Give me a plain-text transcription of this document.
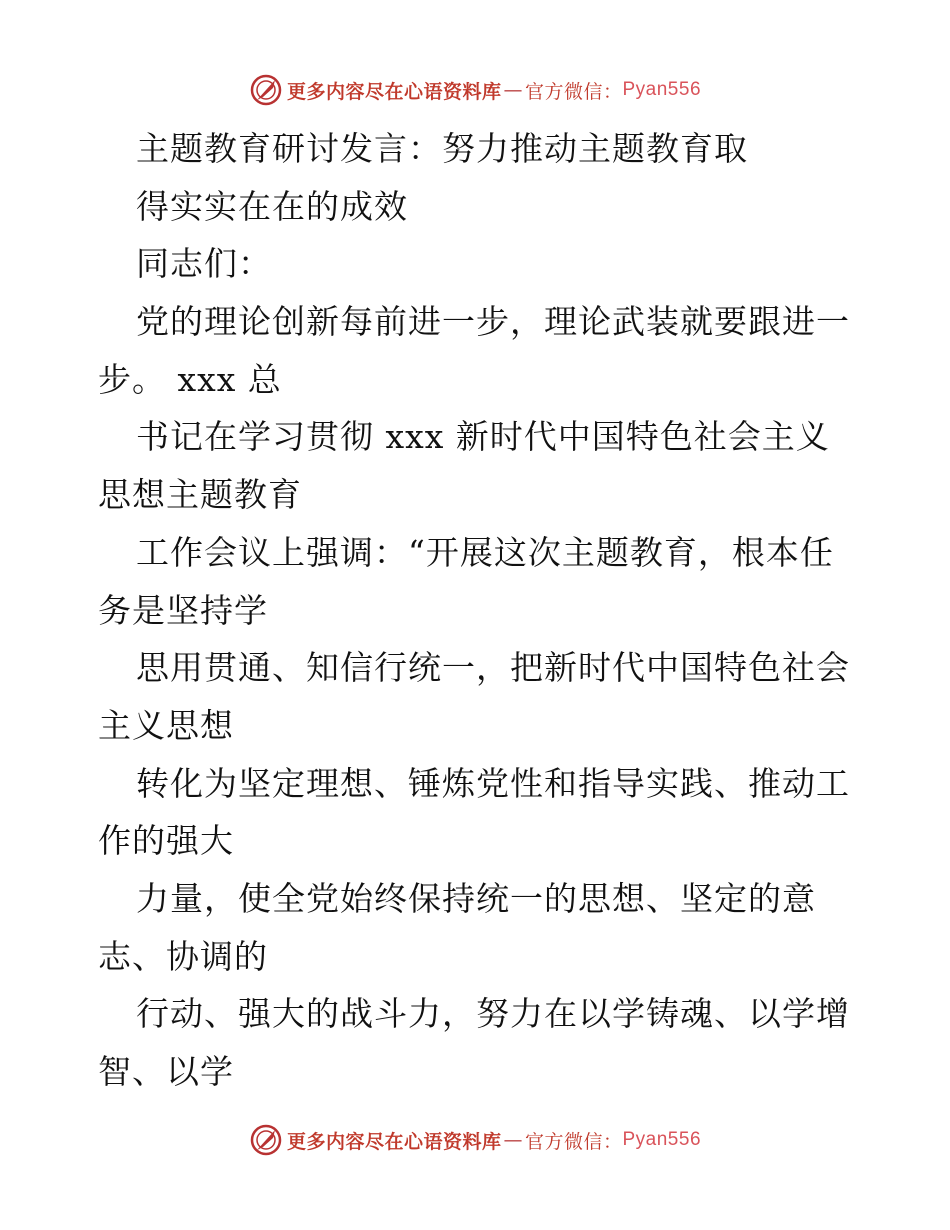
更多内容尽在心语资料库 — 官方微信： Pyan556
主题教育研讨发言：努力推动主题教育取
得实实在在的成效
同志们：
党的理论创新每前进一步，理论武装就要跟进一
步。 xxx 总
书记在学习贯彻 xxx 新时代中国特色社会主义
思想主题教育
工作会议上强调：“开展这次主题教育，根本任
务是坚持学
思用贯通、知信行统一，把新时代中国特色社会
主义思想
转化为坚定理想、锤炼党性和指导实践、推动工
作的强大
力量，使全党始终保持统一的思想、坚定的意
志、协调的
行动、强大的战斗力，努力在以学铸魂、以学增
智、以学
更多内容尽在心语资料库 — 官方微信： Pyan556
